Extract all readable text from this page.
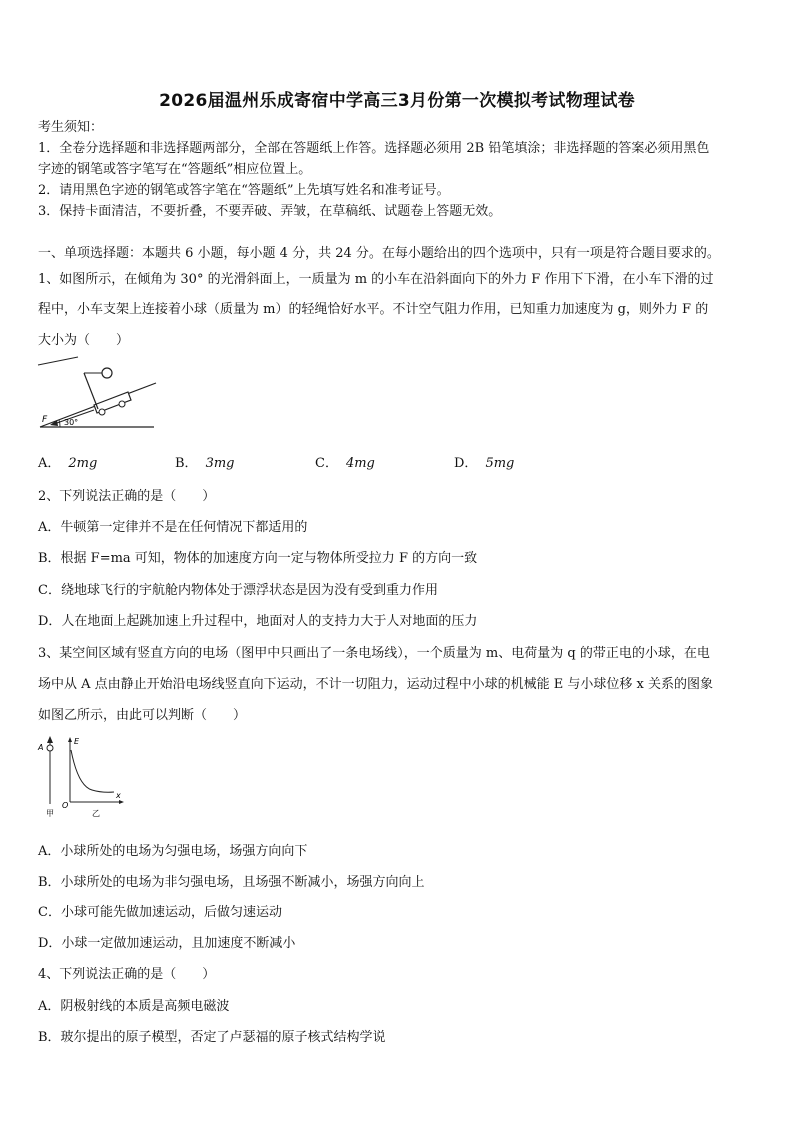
2026届温州乐成寄宿中学高三3月份第一次模拟考试物理试卷
考生须知：
1．全卷分选择题和非选择题两部分，全部在答题纸上作答。选择题必须用 2B 铅笔填涂；非选择题的答案必须用黑色
字迹的钢笔或答字笔写在“答题纸”相应位置上。
2．请用黑色字迹的钢笔或答字笔在“答题纸”上先填写姓名和准考证号。
3．保持卡面清洁，不要折叠，不要弄破、弄皱，在草稿纸、试题卷上答题无效。
一、单项选择题：本题共 6 小题，每小题 4 分，共 24 分。在每小题给出的四个选项中，只有一项是符合题目要求的。
1、如图所示，在倾角为 30° 的光滑斜面上，一质量为 m 的小车在沿斜面向下的外力 F 作用下下滑，在小车下滑的过
程中，小车支架上连接着小球（质量为 m）的轻绳恰好水平。不计空气阻力作用，已知重力加速度为 g，则外力 F 的
大小为（　　）
F 30°
A． 2mg	B． 3mg	C． 4mg	D． 5mg
2、下列说法正确的是（　　）
A．牛顿第一定律并不是在任何情况下都适用的
B．根据 F=ma 可知，物体的加速度方向一定与物体所受拉力 F 的方向一致
C．绕地球飞行的宇航舱内物体处于漂浮状态是因为没有受到重力作用
D．人在地面上起跳加速上升过程中，地面对人的支持力大于人对地面的压力
3、某空间区域有竖直方向的电场（图甲中只画出了一条电场线），一个质量为 m、电荷量为 q 的带正电的小球，在电
场中从 A 点由静止开始沿电场线竖直向下运动，不计一切阻力，运动过程中小球的机械能 E 与小球位移 x 关系的图象
如图乙所示，由此可以判断（　　）
A
甲
E
x
O
乙
A．小球所处的电场为匀强电场，场强方向向下
B．小球所处的电场为非匀强电场，且场强不断减小，场强方向向上
C．小球可能先做加速运动，后做匀速运动
D．小球一定做加速运动，且加速度不断减小
4、下列说法正确的是（　　）
A．阴极射线的本质是高频电磁波
B．玻尔提出的原子模型，否定了卢瑟福的原子核式结构学说
